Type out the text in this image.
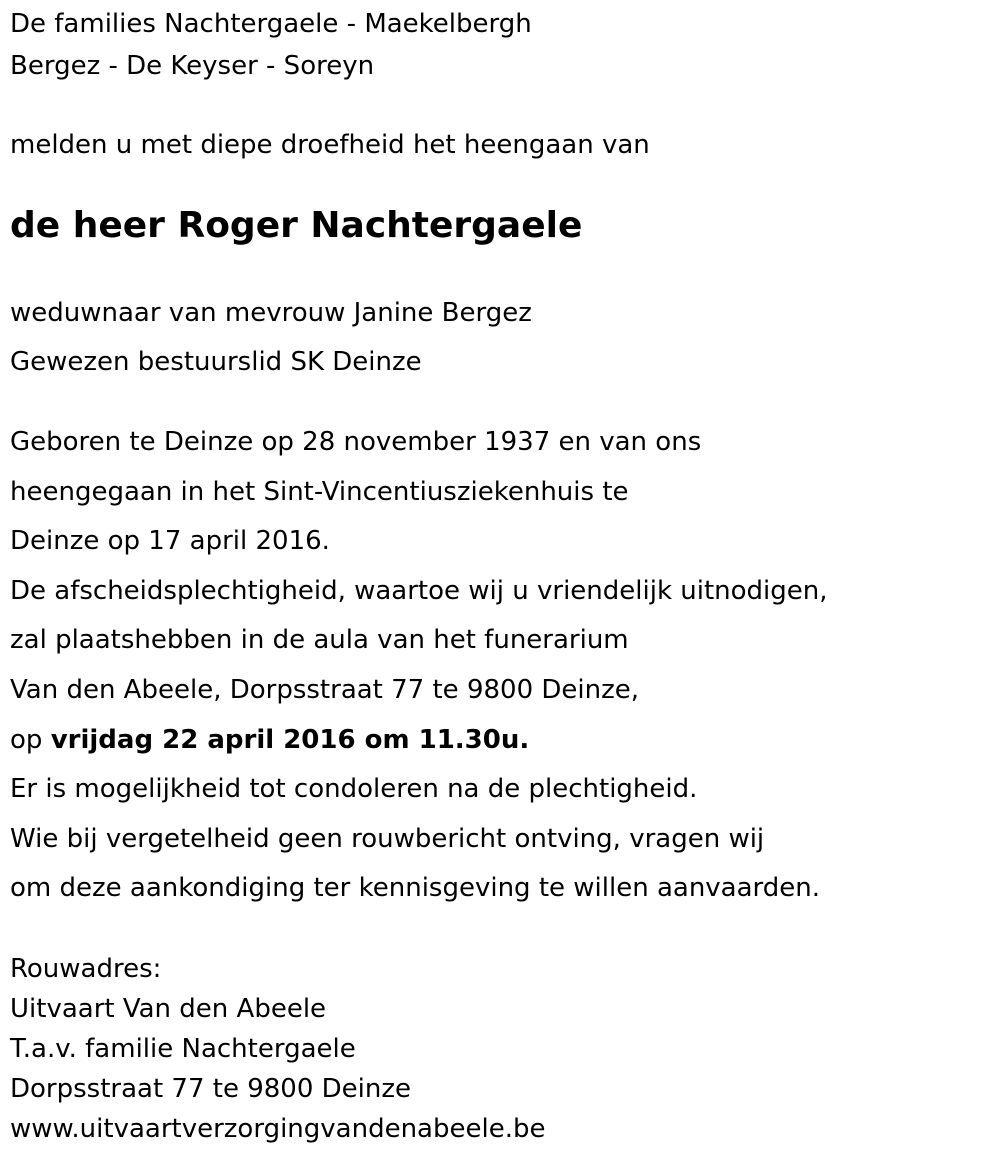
De families Nachtergaele - Maekelbergh
Bergez - De Keyser - Soreyn
melden u met diepe droefheid het heengaan van
de heer Roger Nachtergaele
weduwnaar van mevrouw Janine Bergez
Gewezen bestuurslid SK Deinze
Geboren te Deinze op 28 november 1937 en van ons
heengegaan in het Sint-Vincentiusziekenhuis te
Deinze op 17 april 2016.
De afscheidsplechtigheid, waartoe wij u vriendelijk uitnodigen,
zal plaatshebben in de aula van het funerarium
Van den Abeele, Dorpsstraat 77 te 9800 Deinze,
op vrijdag 22 april 2016 om 11.30u.
Er is mogelijkheid tot condoleren na de plechtigheid.
Wie bij vergetelheid geen rouwbericht ontving, vragen wij
om deze aankondiging ter kennisgeving te willen aanvaarden.
Rouwadres:
Uitvaart Van den Abeele
T.a.v. familie Nachtergaele
Dorpsstraat 77 te 9800 Deinze
www.uitvaartverzorgingvandenabeele.be
